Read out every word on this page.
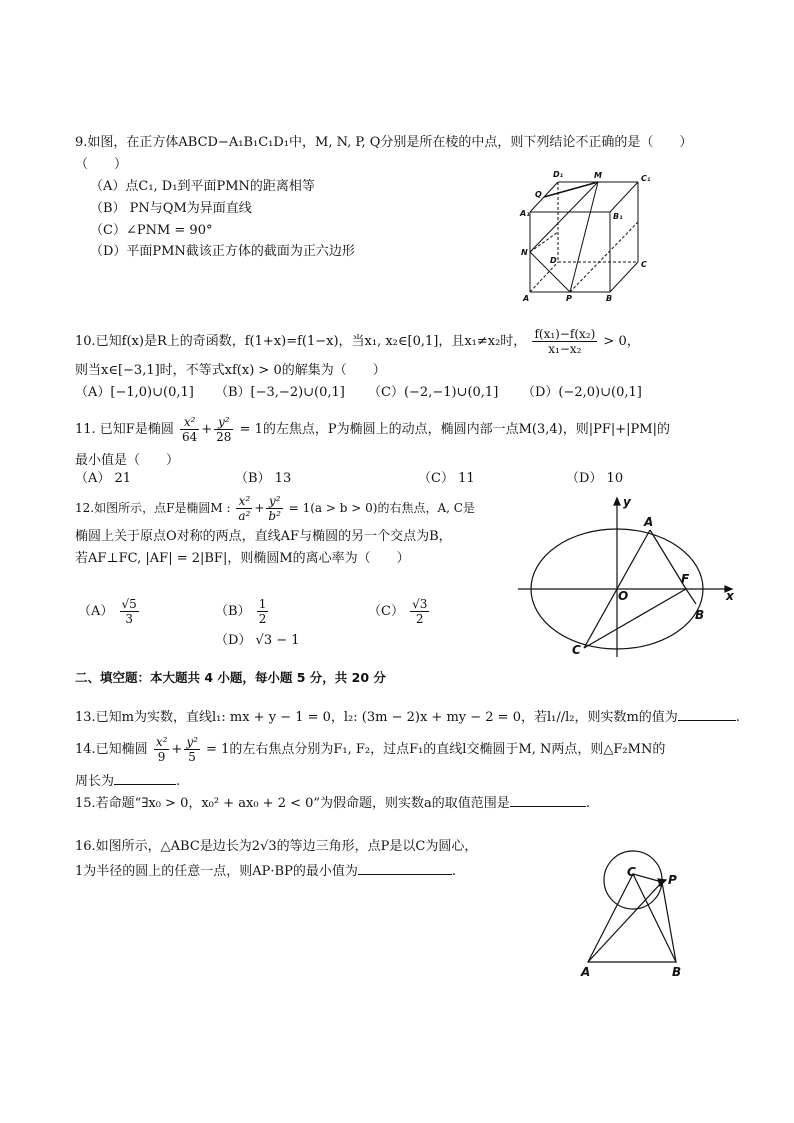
9.如图，在正方体ABCD−A₁B₁C₁D₁中，M, N, P, Q分别是所在棱的中点，则下列结论不正确的是（　　）
（　　）
（A）点C₁, D₁到平面PMN的距离相等
（B） PN与QM为异面直线
（C）∠PNM = 90°
（D）平面PMN截该正方体的截面为正六边形
D₁	M	C₁
Q
A₁	B₁
N
D	C
A	P	B
10.已知f(x)是R上的奇函数，f(1+x)=f(1−x)，当x₁, x₂∈[0,1]，且x₁≠x₂时， $\frac{\text{f(x₁)−f(x₂)}}{\text{x₁−x₂}} > 0$，
则当x∈[−3,1]时，不等式xf(x) > 0的解集为（　　）
（A）[−1,0)∪(0,1] （B）[−3,−2)∪(0,1] （C）(−2,−1)∪(0,1] （D）(−2,0)∪(0,1]
11. 已知F是椭圆 $\frac{\text{x²}}{64} + \frac{\text{y²}}{28} = 1$的左焦点，P为椭圆上的动点，椭圆内部一点M(3,4)，则|PF|+|PM|的
最小值是（　　）
（A） 21	（B） 13	（C） 11	（D） 10
12.如图所示，点F是椭圆M : $\frac{\text{x²}}{\text{a²}} + \frac{\text{y²}}{\text{b²}} = 1(a > b > 0)$的右焦点，A, C是
椭圆上关于原点O对称的两点，直线AF与椭圆的另一个交点为B，
若AF⊥FC, |AF| = 2|BF|，则椭圆M的离心率为（　　）
$(A) \frac{√5}{3}$	$(B) \frac{1}{2}$	$(C) \frac{√3}{2}$
（D） √3 − 1
y
A
F
O	x
B
C
二、填空题：本大题共 4 小题，每小题 5 分，共 20 分
13.已知m为实数，直线l₁: mx + y − 1 = 0，l₂: (3m − 2)x + my − 2 = 0，若l₁//l₂，则实数m的值为	.
14.已知椭圆 $\frac{\text{x²}}{9} + \frac{\text{y²}}{5} = 1$的左右焦点分别为F₁, F₂，过点F₁的直线l交椭圆于M, N两点，则△F₂MN的
周长为	.
15.若命题“∃x₀ > 0，x₀² + ax₀ + 2 < 0”为假命题，则实数a的取值范围是	.
16.如图所示，△ABC是边长为2√3的等边三角形，点P是以C为圆心，
1为半径的圆上的任意一点，则AP·BP的最小值为	.	C
P
A	B
